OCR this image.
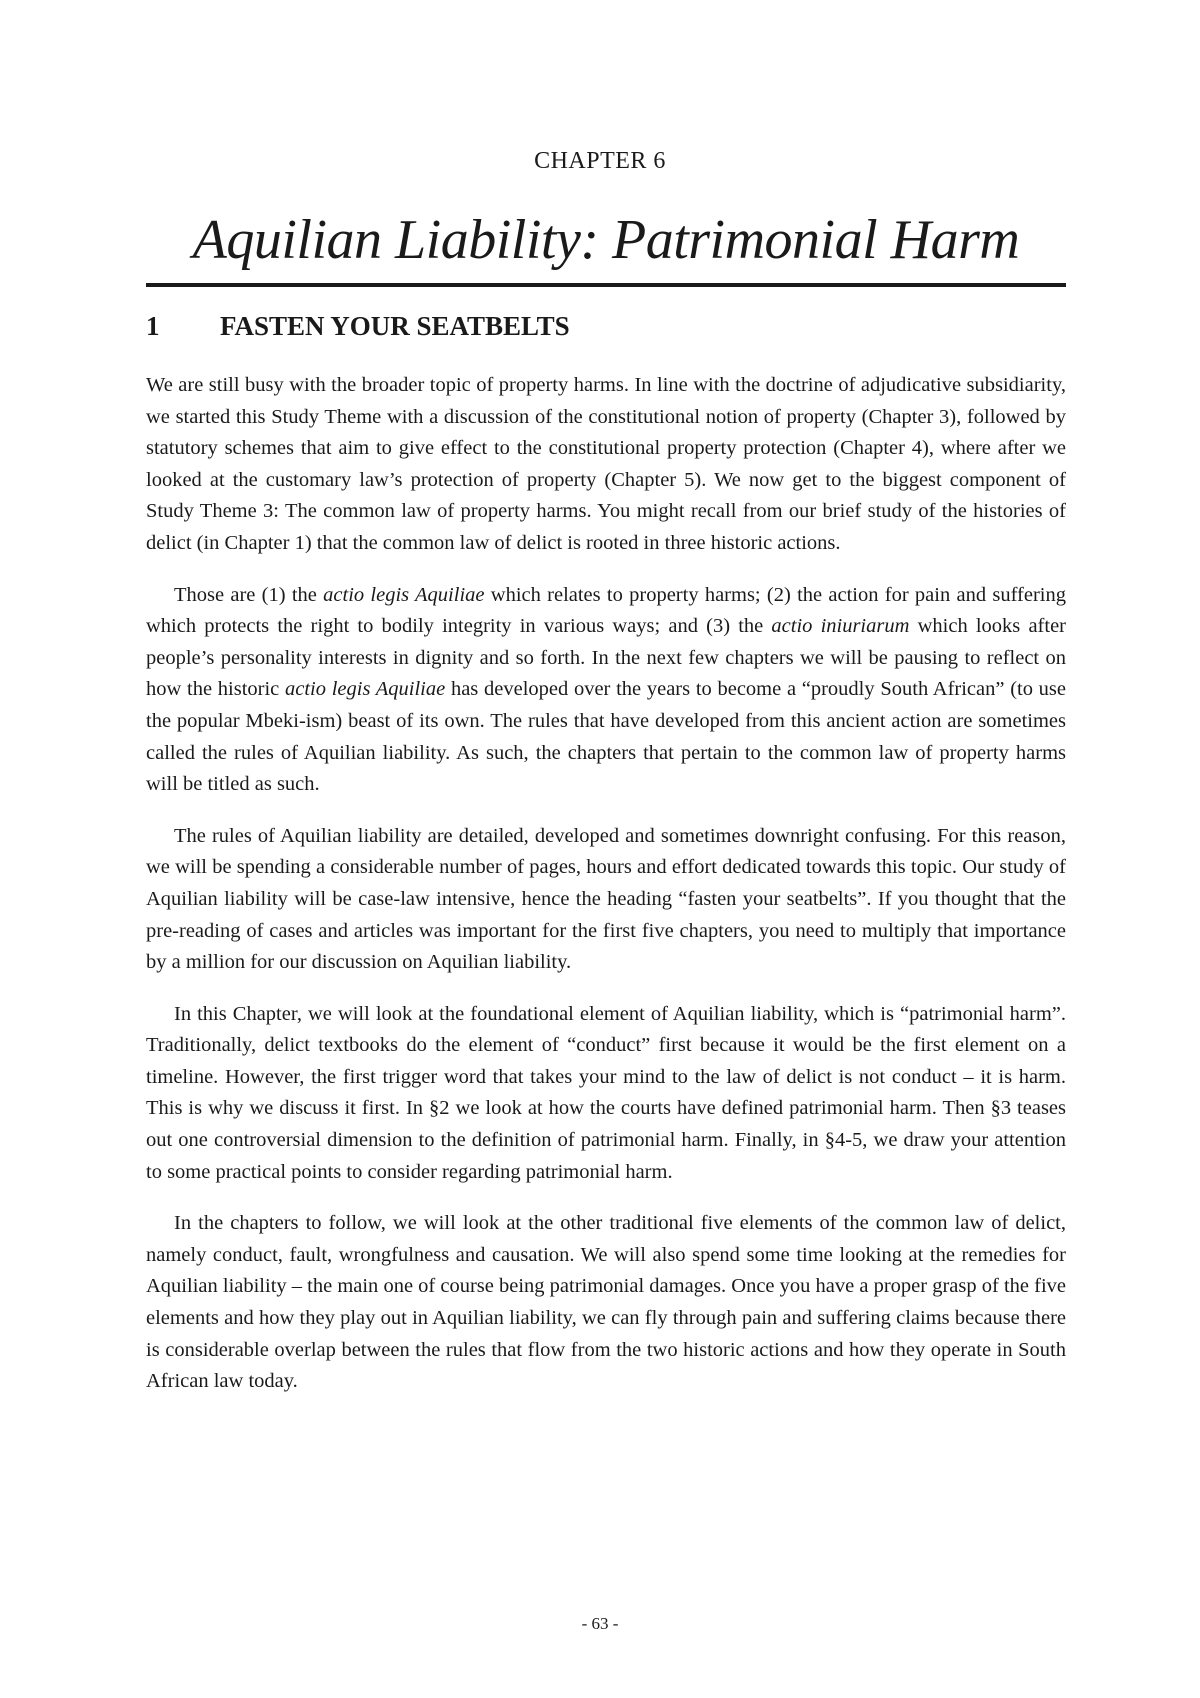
CHAPTER 6
Aquilian Liability: Patrimonial Harm
1 FASTEN YOUR SEATBELTS

We are still busy with the broader topic of property harms. In line with the doctrine of adjudicative subsidiarity, we started this Study Theme with a discussion of the constitutional notion of property (Chapter 3), followed by statutory schemes that aim to give effect to the constitutional property protection (Chapter 4), where after we looked at the customary law’s protection of property (Chapter 5). We now get to the biggest component of Study Theme 3: The common law of property harms. You might recall from our brief study of the histories of delict (in Chapter 1) that the common law of delict is rooted in three historic actions.

Those are (1) the actio legis Aquiliae which relates to property harms; (2) the action for pain and suffering which protects the right to bodily integrity in various ways; and (3) the actio iniuriarum which looks after people’s personality interests in dignity and so forth. In the next few chapters we will be pausing to reflect on how the historic actio legis Aquiliae has developed over the years to become a “proudly South African” (to use the popular Mbeki-ism) beast of its own. The rules that have developed from this ancient action are sometimes called the rules of Aquilian liability. As such, the chapters that pertain to the common law of property harms will be titled as such.

The rules of Aquilian liability are detailed, developed and sometimes downright confusing. For this reason, we will be spending a considerable number of pages, hours and effort dedicated towards this topic. Our study of Aquilian liability will be case-law intensive, hence the heading “fasten your seatbelts”. If you thought that the pre-reading of cases and articles was important for the first five chapters, you need to multiply that importance by a million for our discussion on Aquilian liability.

In this Chapter, we will look at the foundational element of Aquilian liability, which is “patrimonial harm”. Traditionally, delict textbooks do the element of “conduct” first because it would be the first element on a timeline. However, the first trigger word that takes your mind to the law of delict is not conduct – it is harm. This is why we discuss it first. In §2 we look at how the courts have defined patrimonial harm. Then §3 teases out one controversial dimension to the definition of patrimonial harm. Finally, in §4-5, we draw your attention to some practical points to consider regarding patrimonial harm.

In the chapters to follow, we will look at the other traditional five elements of the common law of delict, namely conduct, fault, wrongfulness and causation. We will also spend some time looking at the remedies for Aquilian liability – the main one of course being patrimonial damages. Once you have a proper grasp of the five elements and how they play out in Aquilian liability, we can fly through pain and suffering claims because there is considerable overlap between the rules that flow from the two historic actions and how they operate in South African law today.

- 63 -
